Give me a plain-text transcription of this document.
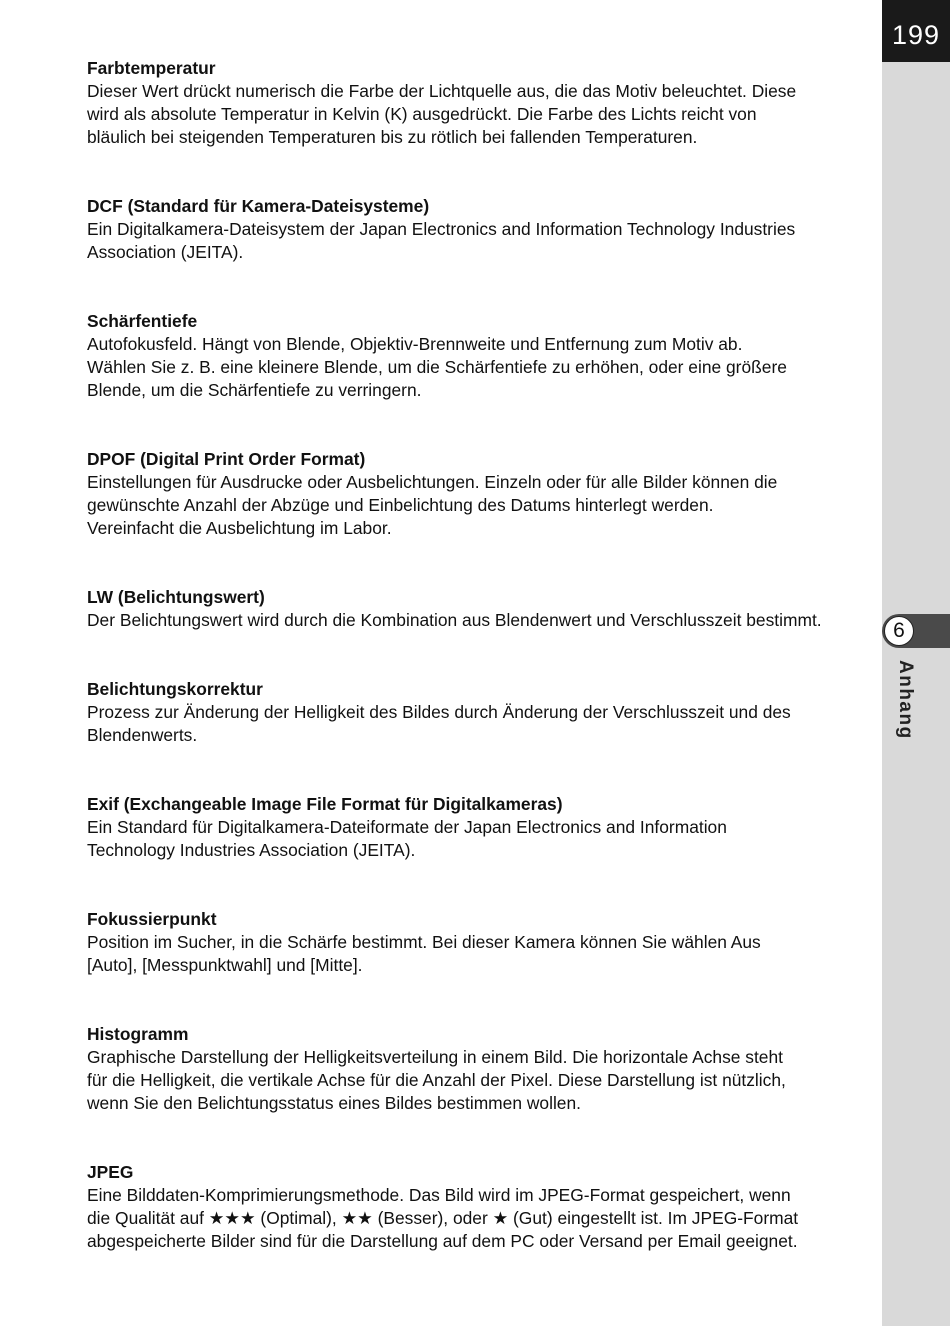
199
6
Anhang

Farbtemperatur

Dieser Wert drückt numerisch die Farbe der Lichtquelle aus, die das Motiv beleuchtet. Diese

wird als absolute Temperatur in Kelvin (K) ausgedrückt. Die Farbe des Lichts reicht von

bläulich bei steigenden Temperaturen bis zu rötlich bei fallenden Temperaturen.

DCF (Standard für Kamera-Dateisysteme)

Ein Digitalkamera-Dateisystem der Japan Electronics and Information Technology Industries

Association (JEITA).

Schärfentiefe

Autofokusfeld. Hängt von Blende, Objektiv-Brennweite und Entfernung zum Motiv ab.

Wählen Sie z. B. eine kleinere Blende, um die Schärfentiefe zu erhöhen, oder eine größere

Blende, um die Schärfentiefe zu verringern.

DPOF (Digital Print Order Format)

Einstellungen für Ausdrucke oder Ausbelichtungen. Einzeln oder für alle Bilder können die

gewünschte Anzahl der Abzüge und Einbelichtung des Datums hinterlegt werden.

Vereinfacht die Ausbelichtung im Labor.

LW (Belichtungswert)

Der Belichtungswert wird durch die Kombination aus Blendenwert und Verschlusszeit bestimmt.

Belichtungskorrektur

Prozess zur Änderung der Helligkeit des Bildes durch Änderung der Verschlusszeit und des

Blendenwerts.

Exif (Exchangeable Image File Format für Digitalkameras)

Ein Standard für Digitalkamera-Dateiformate der Japan Electronics and Information

Technology Industries Association (JEITA).

Fokussierpunkt

Position im Sucher, in die Schärfe bestimmt. Bei dieser Kamera können Sie wählen Aus

[Auto], [Messpunktwahl] und [Mitte].

Histogramm

Graphische Darstellung der Helligkeitsverteilung in einem Bild. Die horizontale Achse steht

für die Helligkeit, die vertikale Achse für die Anzahl der Pixel. Diese Darstellung ist nützlich,

wenn Sie den Belichtungsstatus eines Bildes bestimmen wollen.

JPEG

Eine Bilddaten-Komprimierungsmethode. Das Bild wird im JPEG-Format gespeichert, wenn

die Qualität auf ★★★ (Optimal), ★★ (Besser), oder ★ (Gut) eingestellt ist. Im JPEG-Format

abgespeicherte Bilder sind für die Darstellung auf dem PC oder Versand per Email geeignet.
